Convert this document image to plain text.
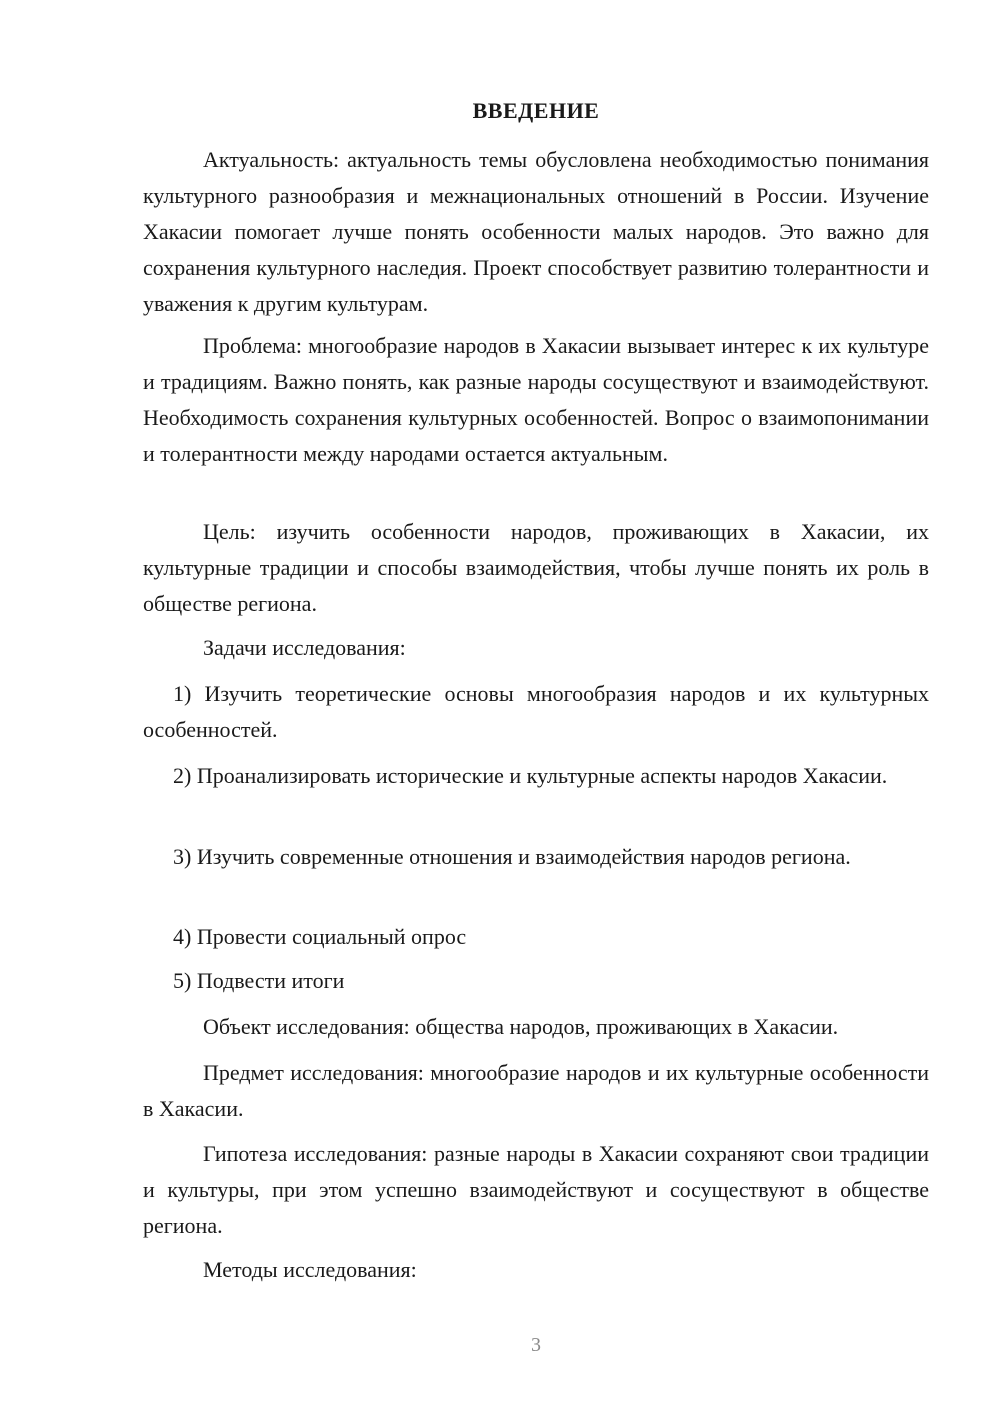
ВВЕДЕНИЕ

Актуальность: актуальность темы обусловлена необходимостью понимания культурного разнообразия и межнациональных отношений в России. Изучение Хакасии помогает лучше понять особенности малых народов. Это важно для сохранения культурного наследия. Проект способствует развитию толерантности и уважения к другим культурам.

Проблема: многообразие народов в Хакасии вызывает интерес к их культуре и традициям. Важно понять, как разные народы сосуществуют и взаимодействуют. Необходимость сохранения культурных особенностей. Вопрос о взаимопонимании и толерантности между народами остается актуальным.

Цель: изучить особенности народов, проживающих в Хакасии, их культурные традиции и способы взаимодействия, чтобы лучше понять их роль в обществе региона.

Задачи исследования:

1) Изучить теоретические основы многообразия народов и их культурных особенностей.

2) Проанализировать исторические и культурные аспекты народов Хакасии.

3) Изучить современные отношения и взаимодействия народов региона.

4) Провести социальный опрос

5) Подвести итоги

Объект исследования: общества народов, проживающих в Хакасии.

Предмет исследования: многообразие народов и их культурные особенности в Хакасии.

Гипотеза исследования: разные народы в Хакасии сохраняют свои традиции и культуры, при этом успешно взаимодействуют и сосуществуют в обществе региона.

Методы исследования:

3
